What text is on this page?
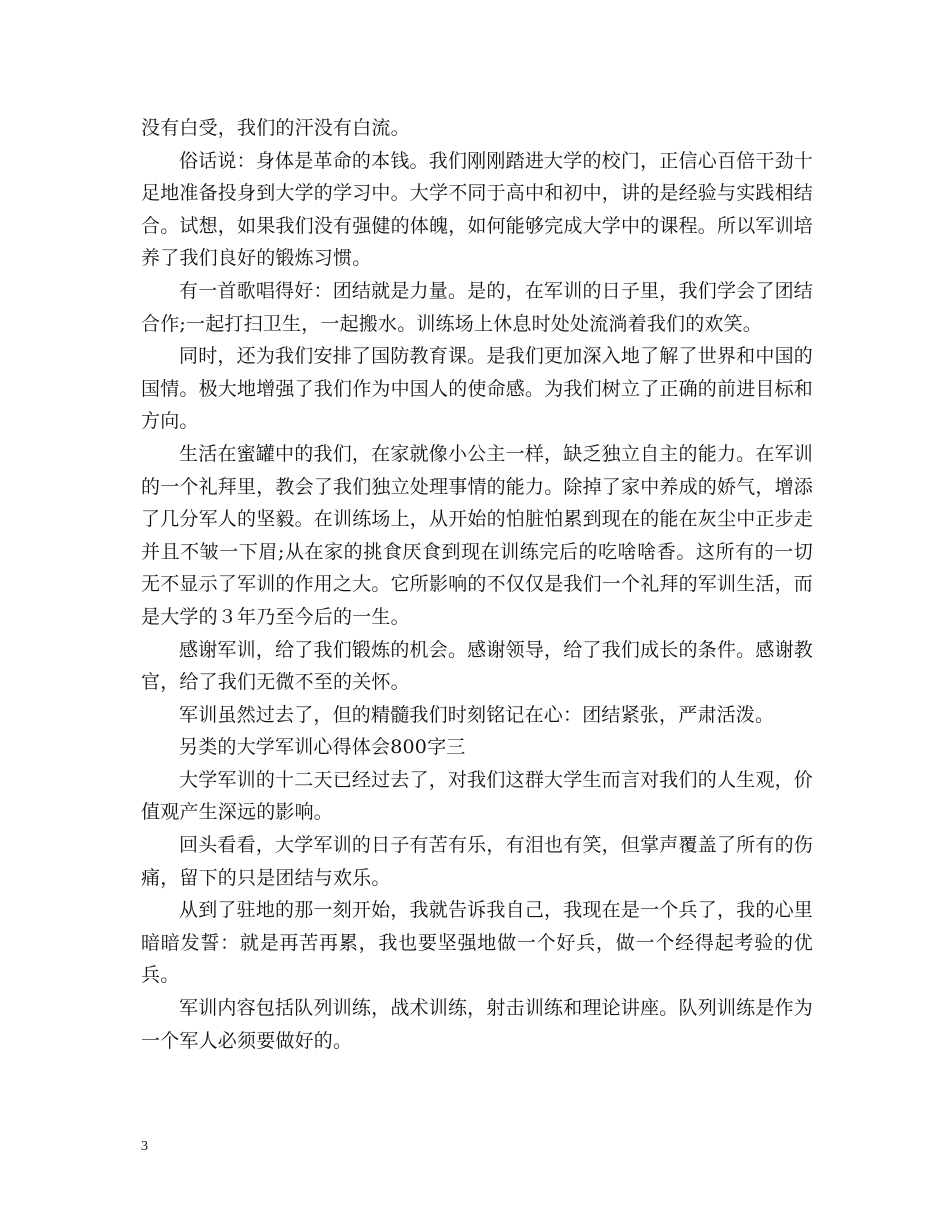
没有白受，我们的汗没有白流。

俗话说：身体是革命的本钱。我们刚刚踏进大学的校门，正信心百倍干劲十足地准备投身到大学的学习中。大学不同于高中和初中，讲的是经验与实践相结合。试想，如果我们没有强健的体魄，如何能够完成大学中的课程。所以军训培养了我们良好的锻炼习惯。

有一首歌唱得好：团结就是力量。是的，在军训的日子里，我们学会了团结合作;一起打扫卫生，一起搬水。训练场上休息时处处流淌着我们的欢笑。

同时，还为我们安排了国防教育课。是我们更加深入地了解了世界和中国的国情。极大地增强了我们作为中国人的使命感。为我们树立了正确的前进目标和方向。

生活在蜜罐中的我们，在家就像小公主一样，缺乏独立自主的能力。在军训的一个礼拜里，教会了我们独立处理事情的能力。除掉了家中养成的娇气，增添了几分军人的坚毅。在训练场上，从开始的怕脏怕累到现在的能在灰尘中正步走并且不皱一下眉;从在家的挑食厌食到现在训练完后的吃啥啥香。这所有的一切无不显示了军训的作用之大。它所影响的不仅仅是我们一个礼拜的军训生活，而是大学的３年乃至今后的一生。

感谢军训，给了我们锻炼的机会。感谢领导，给了我们成长的条件。感谢教官，给了我们无微不至的关怀。

军训虽然过去了，但的精髓我们时刻铭记在心：团结紧张，严肃活泼。

另类的大学军训心得体会800字三

大学军训的十二天已经过去了，对我们这群大学生而言对我们的人生观，价值观产生深远的影响。

回头看看，大学军训的日子有苦有乐，有泪也有笑，但掌声覆盖了所有的伤痛，留下的只是团结与欢乐。

从到了驻地的那一刻开始，我就告诉我自己，我现在是一个兵了，我的心里暗暗发誓：就是再苦再累，我也要坚强地做一个好兵，做一个经得起考验的优兵。

军训内容包括队列训练，战术训练，射击训练和理论讲座。队列训练是作为一个军人必须要做好的。

3
